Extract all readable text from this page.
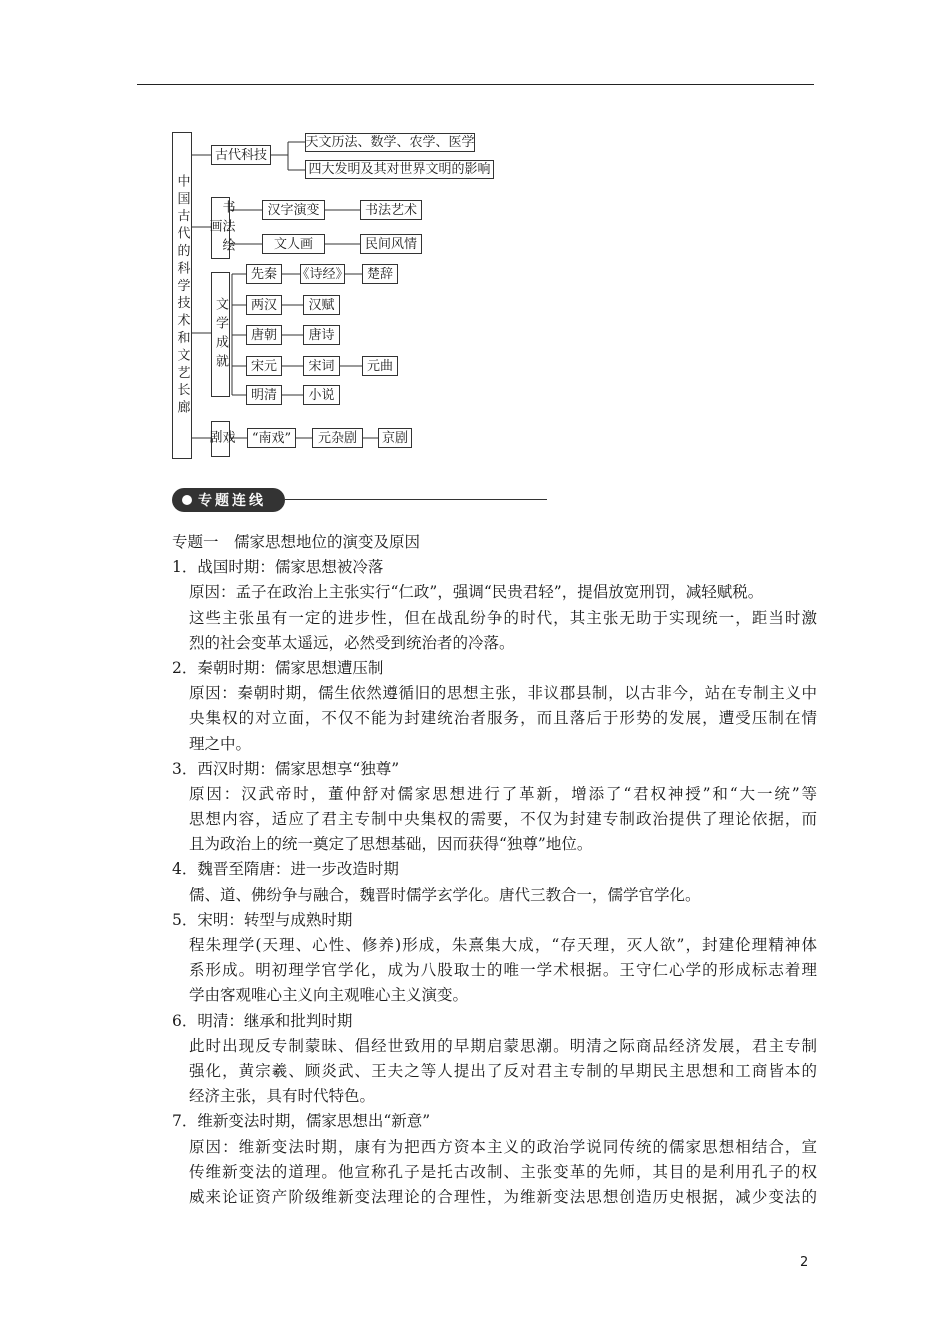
中国古代的科学技术和文艺长廊
古代科技
天文历法、数学、农学、医学
四大发明及其对世界文明的影响
书法绘画
汉字演变	书法艺术
文人画	民间风情
文学成就
先秦	《诗经》	楚辞
两汉	汉赋
唐朝	唐诗
宋元	宋词	元曲
明清	小说
戏剧	“南戏”	元杂剧	京剧
专题连线
专题一　儒家思想地位的演变及原因
1．战国时期：儒家思想被冷落
原因：孟子在政治上主张实行“仁政”，强调“民贵君轻”，提倡放宽刑罚，减轻赋税。
这些主张虽有一定的进步性，但在战乱纷争的时代，其主张无助于实现统一，距当时激
烈的社会变革太遥远，必然受到统治者的冷落。
2．秦朝时期：儒家思想遭压制
原因：秦朝时期，儒生依然遵循旧的思想主张，非议郡县制，以古非今，站在专制主义中
央集权的对立面，不仅不能为封建统治者服务，而且落后于形势的发展，遭受压制在情
理之中。
3．西汉时期：儒家思想享“独尊”
原因：汉武帝时，董仲舒对儒家思想进行了革新，增添了“君权神授”和“大一统”等
思想内容，适应了君主专制中央集权的需要，不仅为封建专制政治提供了理论依据，而
且为政治上的统一奠定了思想基础，因而获得“独尊”地位。
4．魏晋至隋唐：进一步改造时期
儒、道、佛纷争与融合，魏晋时儒学玄学化。唐代三教合一，儒学官学化。
5．宋明：转型与成熟时期
程朱理学(天理、心性、修养)形成，朱熹集大成，“存天理，灭人欲”，封建伦理精神体
系形成。明初理学官学化，成为八股取士的唯一学术根据。王守仁心学的形成标志着理
学由客观唯心主义向主观唯心主义演变。
6．明清：继承和批判时期
此时出现反专制蒙昧、倡经世致用的早期启蒙思潮。明清之际商品经济发展，君主专制
强化，黄宗羲、顾炎武、王夫之等人提出了反对君主专制的早期民主思想和工商皆本的
经济主张，具有时代特色。
7．维新变法时期，儒家思想出“新意”
原因：维新变法时期，康有为把西方资本主义的政治学说同传统的儒家思想相结合，宣
传维新变法的道理。他宣称孔子是托古改制、主张变革的先师，其目的是利用孔子的权
威来论证资产阶级维新变法理论的合理性，为维新变法思想创造历史根据，减少变法的
2
